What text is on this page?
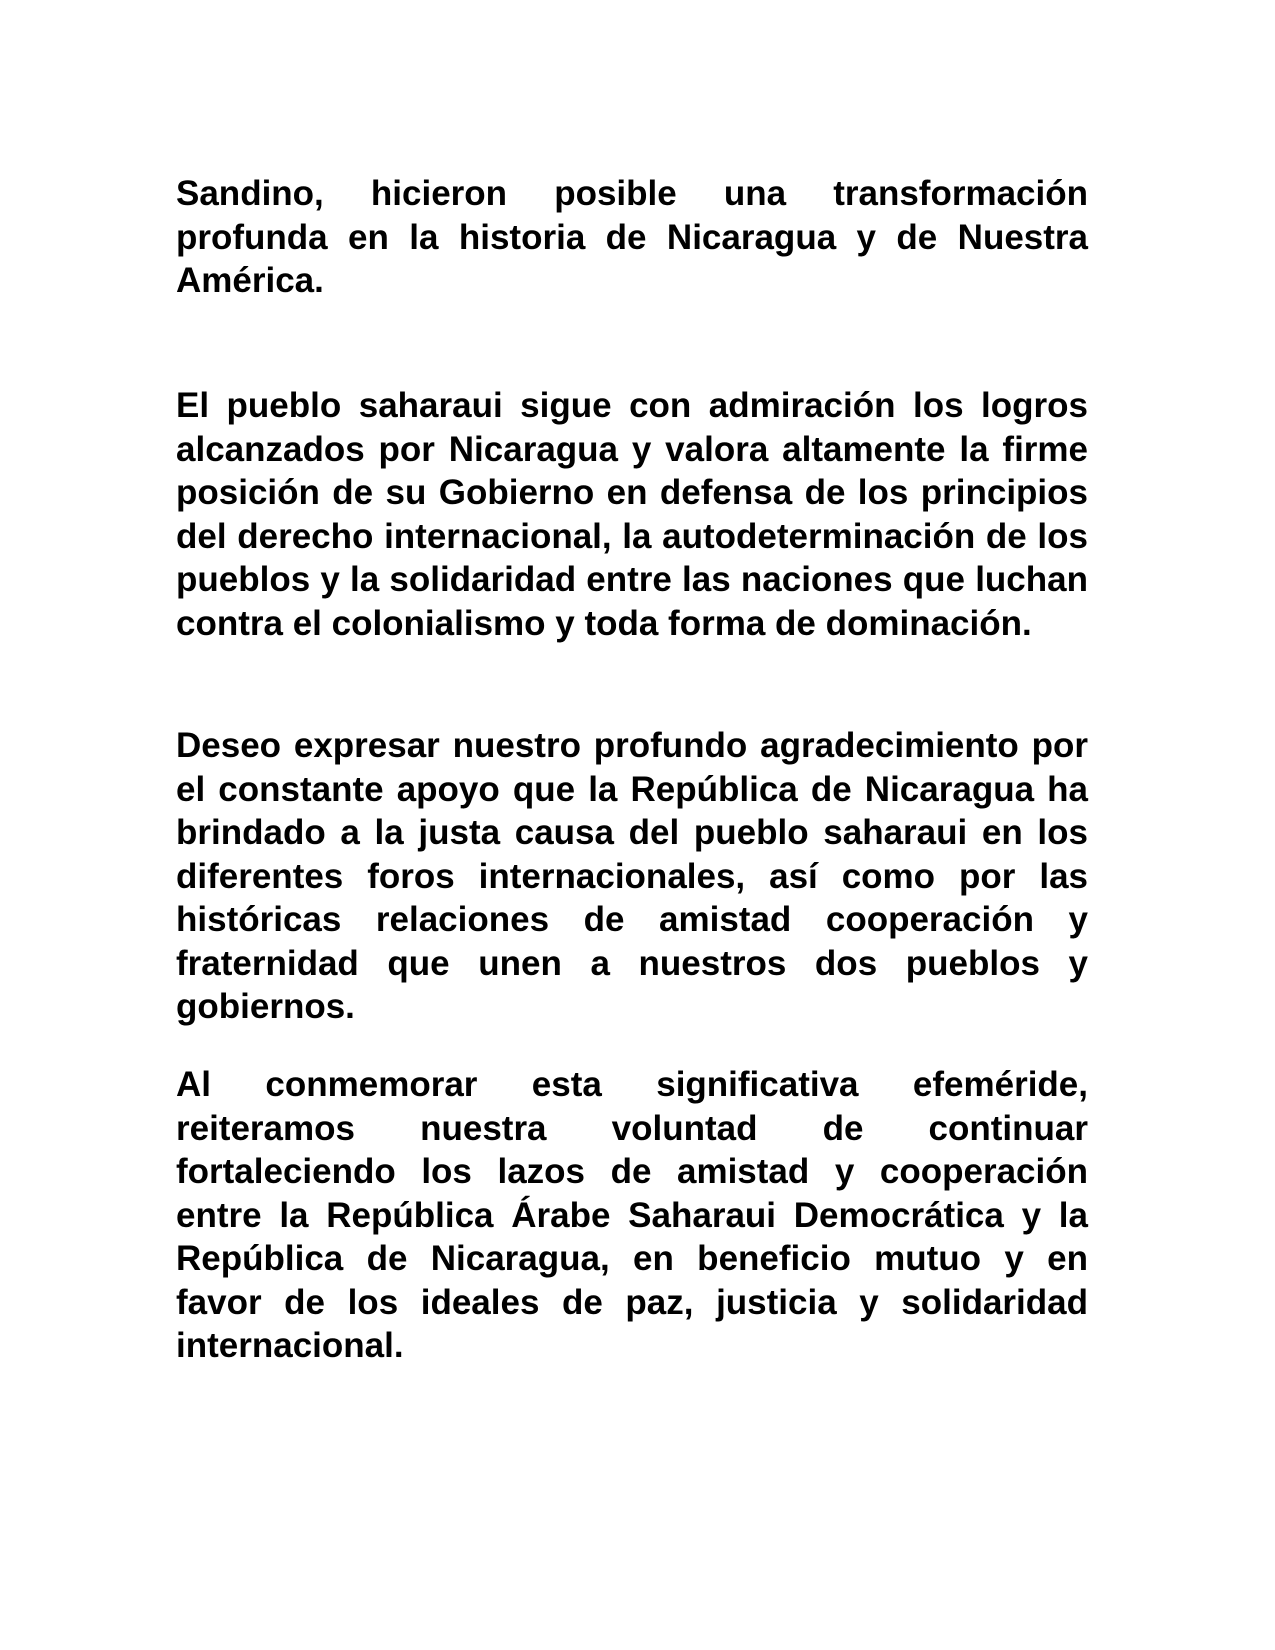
Sandino, hicieron posible una transformación profunda en la historia de Nicaragua y de Nuestra América.

El pueblo saharaui sigue con admiración los logros alcanzados por Nicaragua y valora altamente la firme posición de su Gobierno en defensa de los principios del derecho internacional, la autodeterminación de los pueblos y la solidaridad entre las naciones que luchan contra el colonialismo y toda forma de dominación.

Deseo expresar nuestro profundo agradecimiento por el constante apoyo que la República de Nicaragua ha brindado a la justa causa del pueblo saharaui en los diferentes foros internacionales, así como por las históricas relaciones de amistad cooperación y fraternidad que unen a nuestros dos pueblos y gobiernos.

Al conmemorar esta significativa efeméride, reiteramos nuestra voluntad de continuar fortaleciendo los lazos de amistad y cooperación entre la República Árabe Saharaui Democrática y la República de Nicaragua, en beneficio mutuo y en favor de los ideales de paz, justicia y solidaridad internacional.
